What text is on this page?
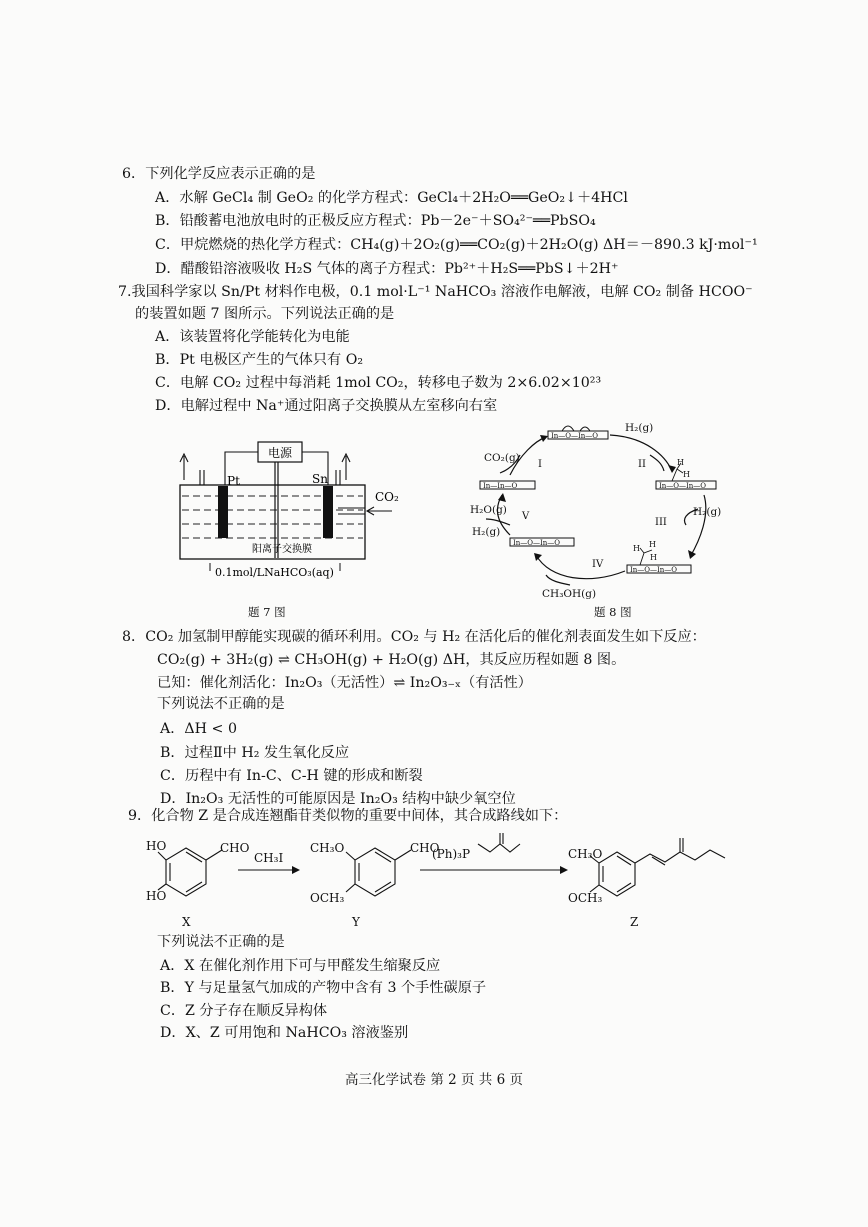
6．下列化学反应表示正确的是
A．水解 GeCl₄ 制 GeO₂ 的化学方程式：GeCl₄＋2H₂O══GeO₂↓＋4HCl
B．铅酸蓄电池放电时的正极反应方程式：Pb－2e⁻＋SO₄²⁻══PbSO₄
C．甲烷燃烧的热化学方程式：CH₄(g)＋2O₂(g)══CO₂(g)＋2H₂O(g) ΔH＝－890.3 kJ·mol⁻¹
D．醋酸铅溶液吸收 H₂S 气体的离子方程式：Pb²⁺＋H₂S══PbS↓＋2H⁺
7.我国科学家以 Sn/Pt 材料作电极，0.1 mol·L⁻¹ NaHCO₃ 溶液作电解液，电解 CO₂ 制备 HCOO⁻
的装置如题 7 图所示。下列说法正确的是
A．该装置将化学能转化为电能
B．Pt 电极区产生的气体只有 O₂
C．电解 CO₂ 过程中每消耗 1mol CO₂，转移电子数为 2×6.02×10²³
D．电解过程中 Na⁺通过阳离子交换膜从左室移向右室
电源
Pt	Sn
CO₂
阳离子交换膜
0.1mol/LNaHCO₃(aq)
题 7 图
In—O—In—O
In—In—O	In—O—In—O
In—O—In—O
In—O—In—O
H
H
H H
H
I	II
III
IV
V
CO₂(g)
H₂(g)
H₂(g)
H₂O(g)
H₂(g)
CH₃OH(g)
题 8 图
8．CO₂ 加氢制甲醇能实现碳的循环利用。CO₂ 与 H₂ 在活化后的催化剂表面发生如下反应：
CO₂(g) + 3H₂(g) ⇌ CH₃OH(g) + H₂O(g) ΔH，其反应历程如题 8 图。
已知：催化剂活化：In₂O₃（无活性）⇌ In₂O₃₋ₓ（有活性）
下列说法不正确的是
A．ΔH < 0
B．过程Ⅱ中 H₂ 发生氧化反应
C．历程中有 In-C、C-H 键的形成和断裂
D．In₂O₃ 无活性的可能原因是 In₂O₃ 结构中缺少氧空位
9．化合物 Z 是合成连翘酯苷类似物的重要中间体，其合成路线如下：
HO
HO
CHO	CH₃O
OCH₃
CHO
CH₃I	(Ph)₃P	CH₃O
OCH₃
X	Y	Z
下列说法不正确的是
A．X 在催化剂作用下可与甲醛发生缩聚反应
B．Y 与足量氢气加成的产物中含有 3 个手性碳原子
C．Z 分子存在顺反异构体
D．X、Z 可用饱和 NaHCO₃ 溶液鉴别
高三化学试卷 第 2 页 共 6 页
